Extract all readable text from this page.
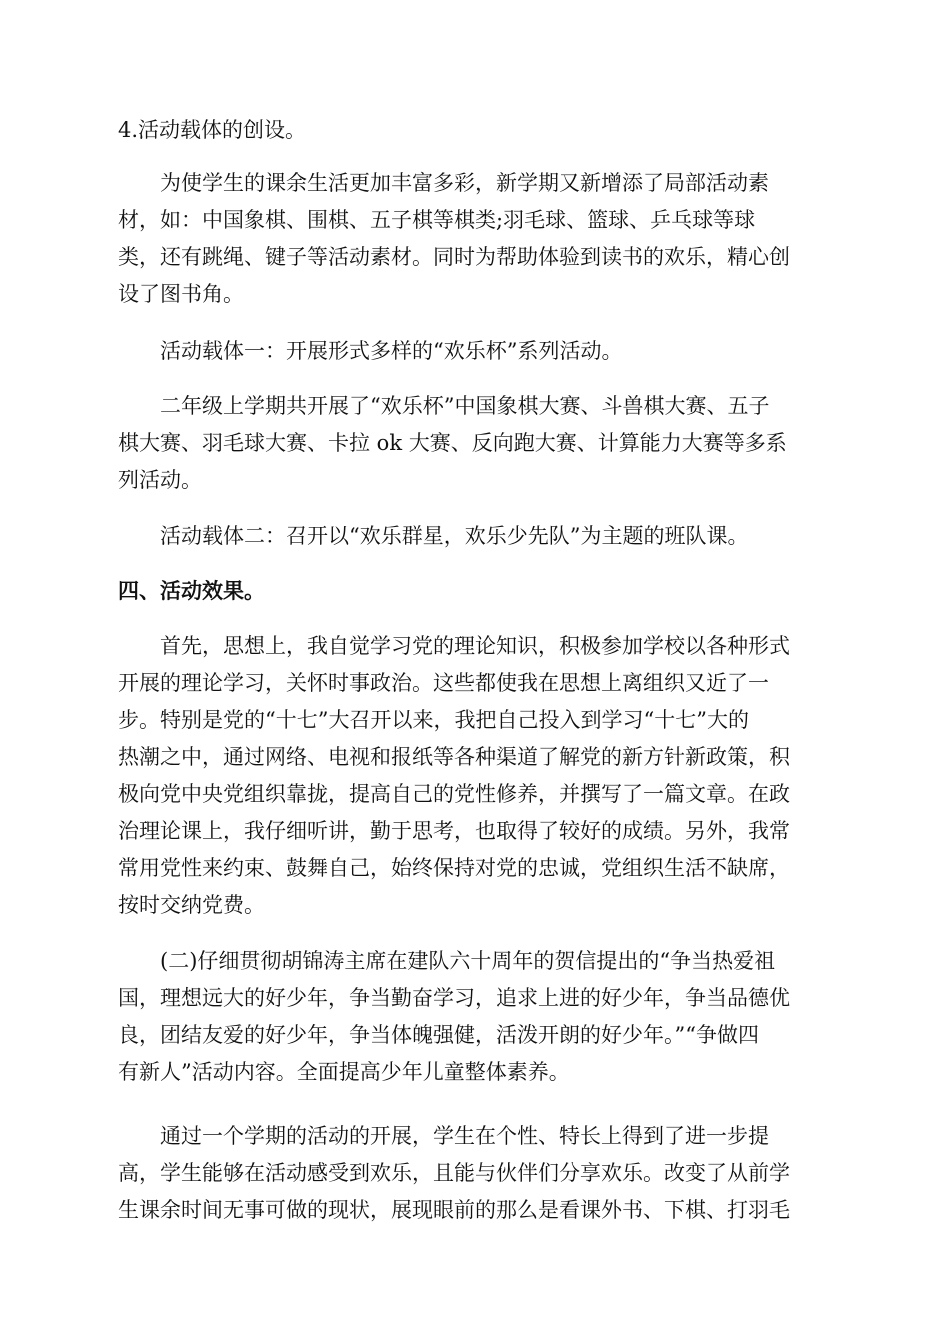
4.活动载体的创设。

　　为使学生的课余生活更加丰富多彩，新学期又新增添了局部活动素
材，如：中国象棋、围棋、五子棋等棋类;羽毛球、篮球、乒乓球等球
类，还有跳绳、键子等活动素材。同时为帮助体验到读书的欢乐，精心创
设了图书角。

　　活动载体一：开展形式多样的“欢乐杯”系列活动。

　　二年级上学期共开展了“欢乐杯”中国象棋大赛、斗兽棋大赛、五子
棋大赛、羽毛球大赛、卡拉 ok 大赛、反向跑大赛、计算能力大赛等多系
列活动。

　　活动载体二：召开以“欢乐群星，欢乐少先队”为主题的班队课。

四、活动效果。

　　首先，思想上，我自觉学习党的理论知识，积极参加学校以各种形式
开展的理论学习，关怀时事政治。这些都使我在思想上离组织又近了一
步。特别是党的“十七”大召开以来，我把自己投入到学习“十七”大的
热潮之中，通过网络、电视和报纸等各种渠道了解党的新方针新政策，积
极向党中央党组织靠拢，提高自己的党性修养，并撰写了一篇文章。在政
治理论课上，我仔细听讲，勤于思考，也取得了较好的成绩。另外，我常
常用党性来约束、鼓舞自己，始终保持对党的忠诚，党组织生活不缺席，
按时交纳党费。

　　(二)仔细贯彻胡锦涛主席在建队六十周年的贺信提出的“争当热爱祖
国，理想远大的好少年，争当勤奋学习，追求上进的好少年，争当品德优
良，团结友爱的好少年，争当体魄强健，活泼开朗的好少年。”“争做四
有新人”活动内容。全面提高少年儿童整体素养。

　　通过一个学期的活动的开展，学生在个性、特长上得到了进一步提
高，学生能够在活动感受到欢乐，且能与伙伴们分享欢乐。改变了从前学
生课余时间无事可做的现状，展现眼前的那么是看课外书、下棋、打羽毛
